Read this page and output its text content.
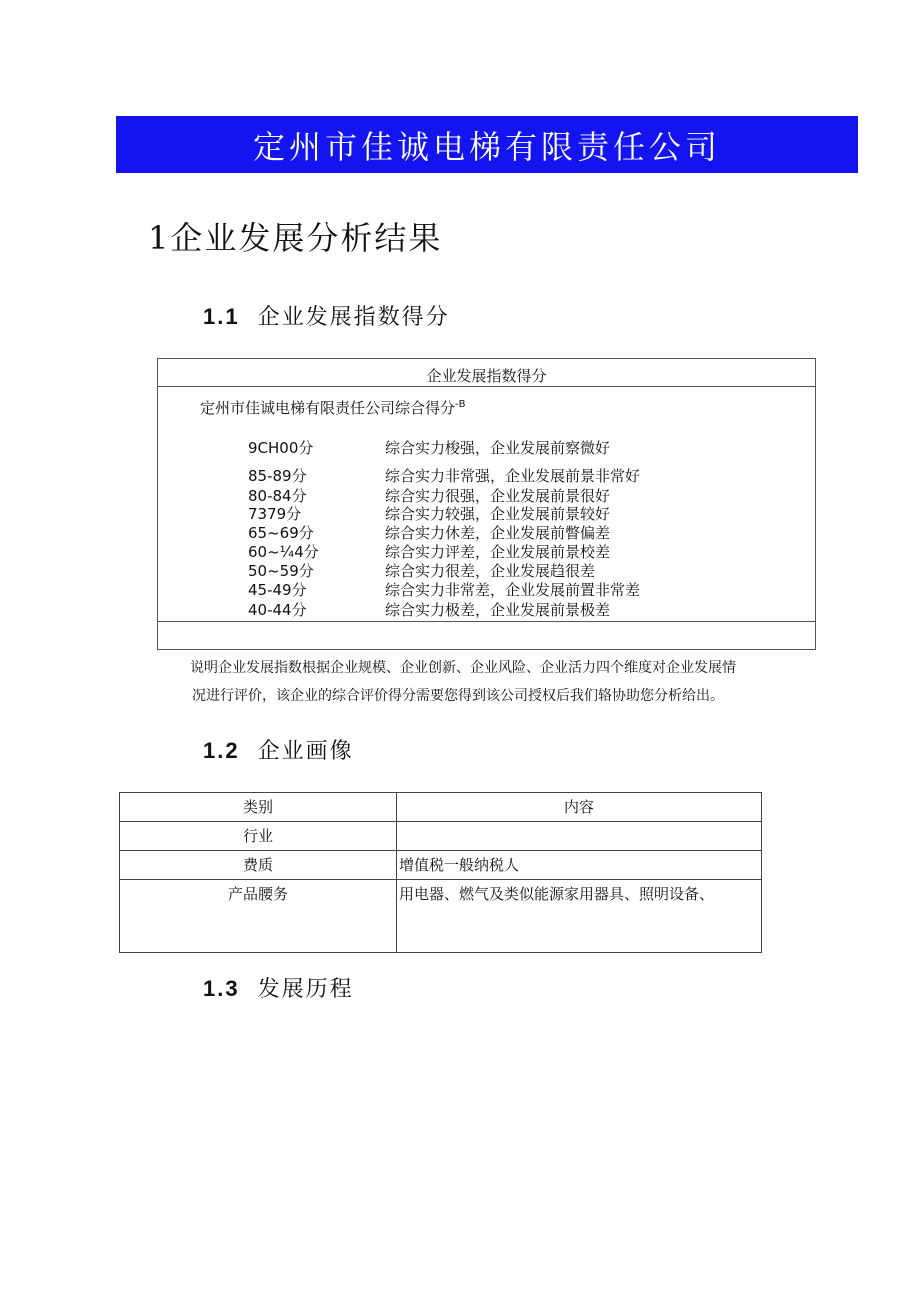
定州市佳诚电梯有限责任公司
1企业发展分析结果
1.1 企业发展指数得分
企业发展指数得分
定州市佳诚电梯有限责任公司综合得分$^{-B}$
9CH00分	综合实力梭强，企业发展前察微好
85-89分	综合实力非常强，企业发展前景非常好
80-84分	综合实力很强，企业发展前景很好
7379分	综合实力较强，企业发展前景较好
65~69分	综合实力休差，企业发展前瞥偏差
60~¼4分	综合实力评差，企业发展前景校差
50~59分	综合实力很差，企业发展趋很差
45-49分	综合实力非常差，企业发展前置非常差
40-44分	综合实力极差，企业发展前景极差
说明企业发展指数根据企业规模、企业创新、企业风险、企业活力四个维度对企业发展情
况进行评价，该企业的综合评价得分需要您得到该公司授权后我们辂协助您分析给出。
1.2 企业画像
类别	内容
行业	
费质	增值税一般纳税人
产品腰务	用电器、燃气及类似能源家用器具、照明设备、
1.3 发展历程
